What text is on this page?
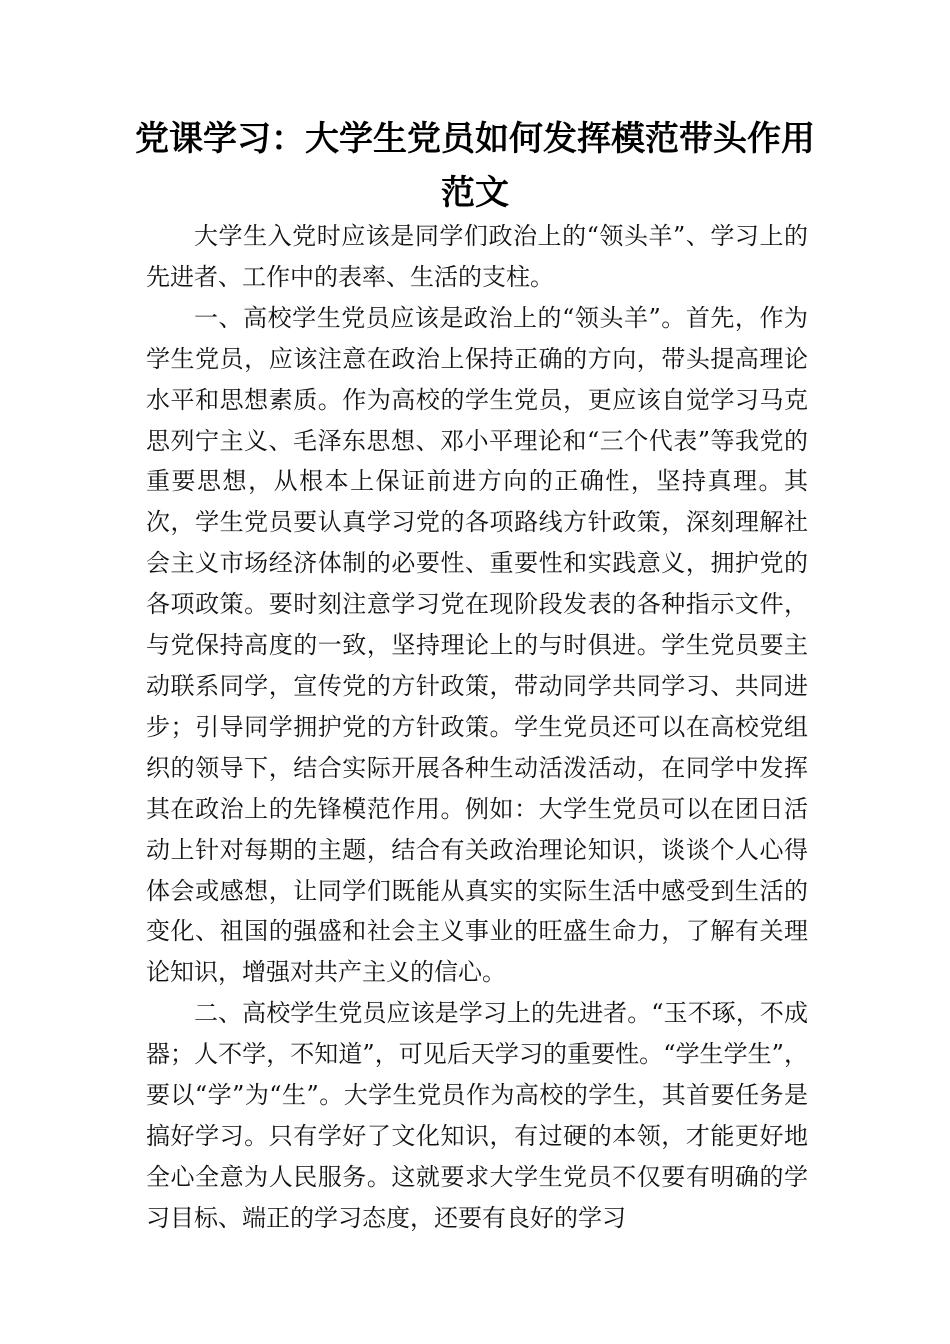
党课学习：大学生党员如何发挥模范带头作用范文

大学生入党时应该是同学们政治上的“领头羊”、学习上的先进者、工作中的表率、生活的支柱。

一、高校学生党员应该是政治上的“领头羊”。首先，作为学生党员，应该注意在政治上保持正确的方向，带头提高理论水平和思想素质。作为高校的学生党员，更应该自觉学习马克思列宁主义、毛泽东思想、邓小平理论和“三个代表”等我党的重要思想，从根本上保证前进方向的正确性，坚持真理。其次，学生党员要认真学习党的各项路线方针政策，深刻理解社会主义市场经济体制的必要性、重要性和实践意义，拥护党的各项政策。要时刻注意学习党在现阶段发表的各种指示文件，与党保持高度的一致，坚持理论上的与时俱进。学生党员要主动联系同学，宣传党的方针政策，带动同学共同学习、共同进步；引导同学拥护党的方针政策。学生党员还可以在高校党组织的领导下，结合实际开展各种生动活泼活动，在同学中发挥其在政治上的先锋模范作用。例如：大学生党员可以在团日活动上针对每期的主题，结合有关政治理论知识，谈谈个人心得体会或感想，让同学们既能从真实的实际生活中感受到生活的变化、祖国的强盛和社会主义事业的旺盛生命力，了解有关理论知识，增强对共产主义的信心。

二、高校学生党员应该是学习上的先进者。“玉不琢，不成器；人不学，不知道”，可见后天学习的重要性。“学生学生”，要以“学”为“生”。大学生党员作为高校的学生，其首要任务是搞好学习。只有学好了文化知识，有过硬的本领，才能更好地全心全意为人民服务。这就要求大学生党员不仅要有明确的学习目标、端正的学习态度，还要有良好的学习
